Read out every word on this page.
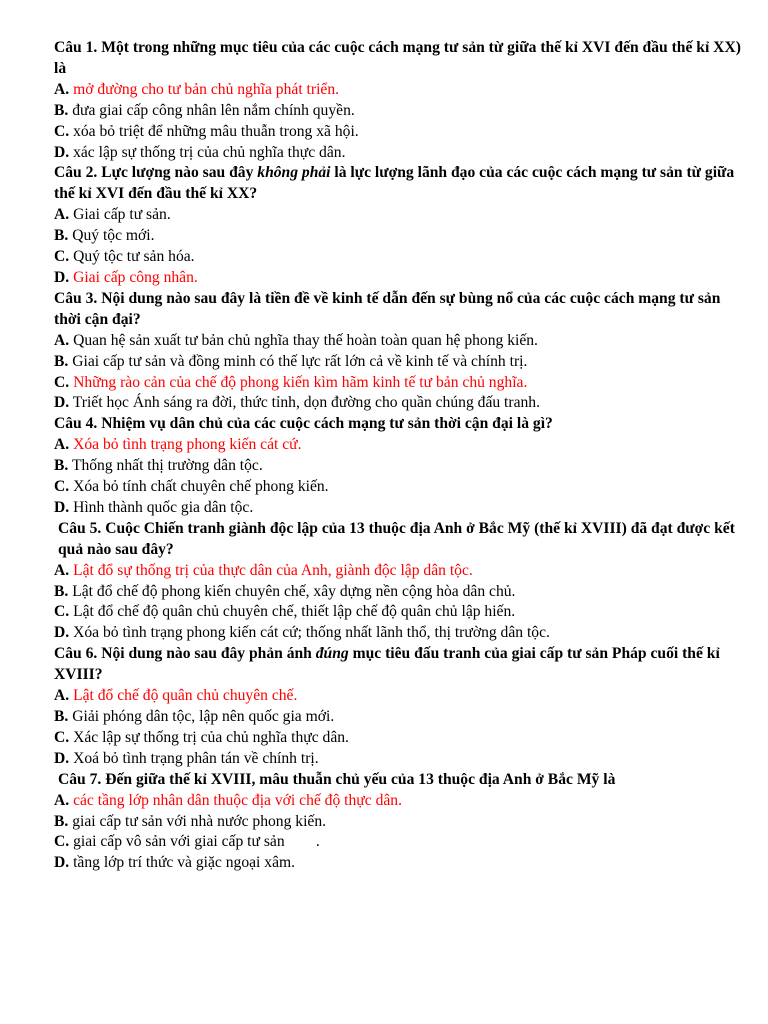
Câu 1. Một trong những mục tiêu của các cuộc cách mạng tư sản từ giữa thế kỉ XVI đến đầu thế kỉ XX) là
A. mở đường cho tư bản chủ nghĩa phát triển.
B. đưa giai cấp công nhân lên nắm chính quyền.
C. xóa bỏ triệt để những mâu thuẫn trong xã hội.
D. xác lập sự thống trị của chủ nghĩa thực dân.
Câu 2. Lực lượng nào sau đây không phải là lực lượng lãnh đạo của các cuộc cách mạng tư sản từ giữa thế kỉ XVI đến đầu thế kỉ XX?
A. Giai cấp tư sản.
B. Quý tộc mới.
C. Quý tộc tư sản hóa.
D. Giai cấp công nhân.
Câu 3. Nội dung nào sau đây là tiền đề về kinh tế dẫn đến sự bùng nổ của các cuộc cách mạng tư sản thời cận đại?
A. Quan hệ sản xuất tư bản chủ nghĩa thay thế hoàn toàn quan hệ phong kiến.
B. Giai cấp tư sản và đồng minh có thế lực rất lớn cả về kinh tế và chính trị.
C. Những rào cản của chế độ phong kiến kìm hãm kinh tế tư bản chủ nghĩa.
D. Triết học Ánh sáng ra đời, thức tỉnh, dọn đường cho quần chúng đấu tranh.
Câu 4. Nhiệm vụ dân chủ của các cuộc cách mạng tư sản thời cận đại là gì?
A. Xóa bỏ tình trạng phong kiến cát cứ.
B. Thống nhất thị trường dân tộc.
C. Xóa bỏ tính chất chuyên chế phong kiến.
D. Hình thành quốc gia dân tộc.
Câu 5. Cuộc Chiến tranh giành độc lập của 13 thuộc địa Anh ở Bắc Mỹ (thế kỉ XVIII) đã đạt được kết quả nào sau đây?
A. Lật đổ sự thống trị của thực dân của Anh, giành độc lập dân tộc.
B. Lật đổ chế độ phong kiến chuyên chế, xây dựng nền cộng hòa dân chủ.
C. Lật đổ chế độ quân chủ chuyên chế, thiết lập chế độ quân chủ lập hiến.
D. Xóa bỏ tình trạng phong kiến cát cứ; thống nhất lãnh thổ, thị trường dân tộc.
Câu 6. Nội dung nào sau đây phản ánh đúng mục tiêu đấu tranh của giai cấp tư sản Pháp cuối thế kỉ XVIII?
A. Lật đổ chế độ quân chủ chuyên chế.
B. Giải phóng dân tộc, lập nên quốc gia mới.
C. Xác lập sự thống trị của chủ nghĩa thực dân.
D. Xoá bỏ tình trạng phân tán về chính trị.
Câu 7. Đến giữa thế kỉ XVIII, mâu thuẫn chủ yếu của 13 thuộc địa Anh ở Bắc Mỹ là
A. các tầng lớp nhân dân thuộc địa với chế độ thực dân.
B. giai cấp tư sản với nhà nước phong kiến.
C. giai cấp vô sản với giai cấp tư sản        .
D. tầng lớp trí thức và giặc ngoại xâm.
